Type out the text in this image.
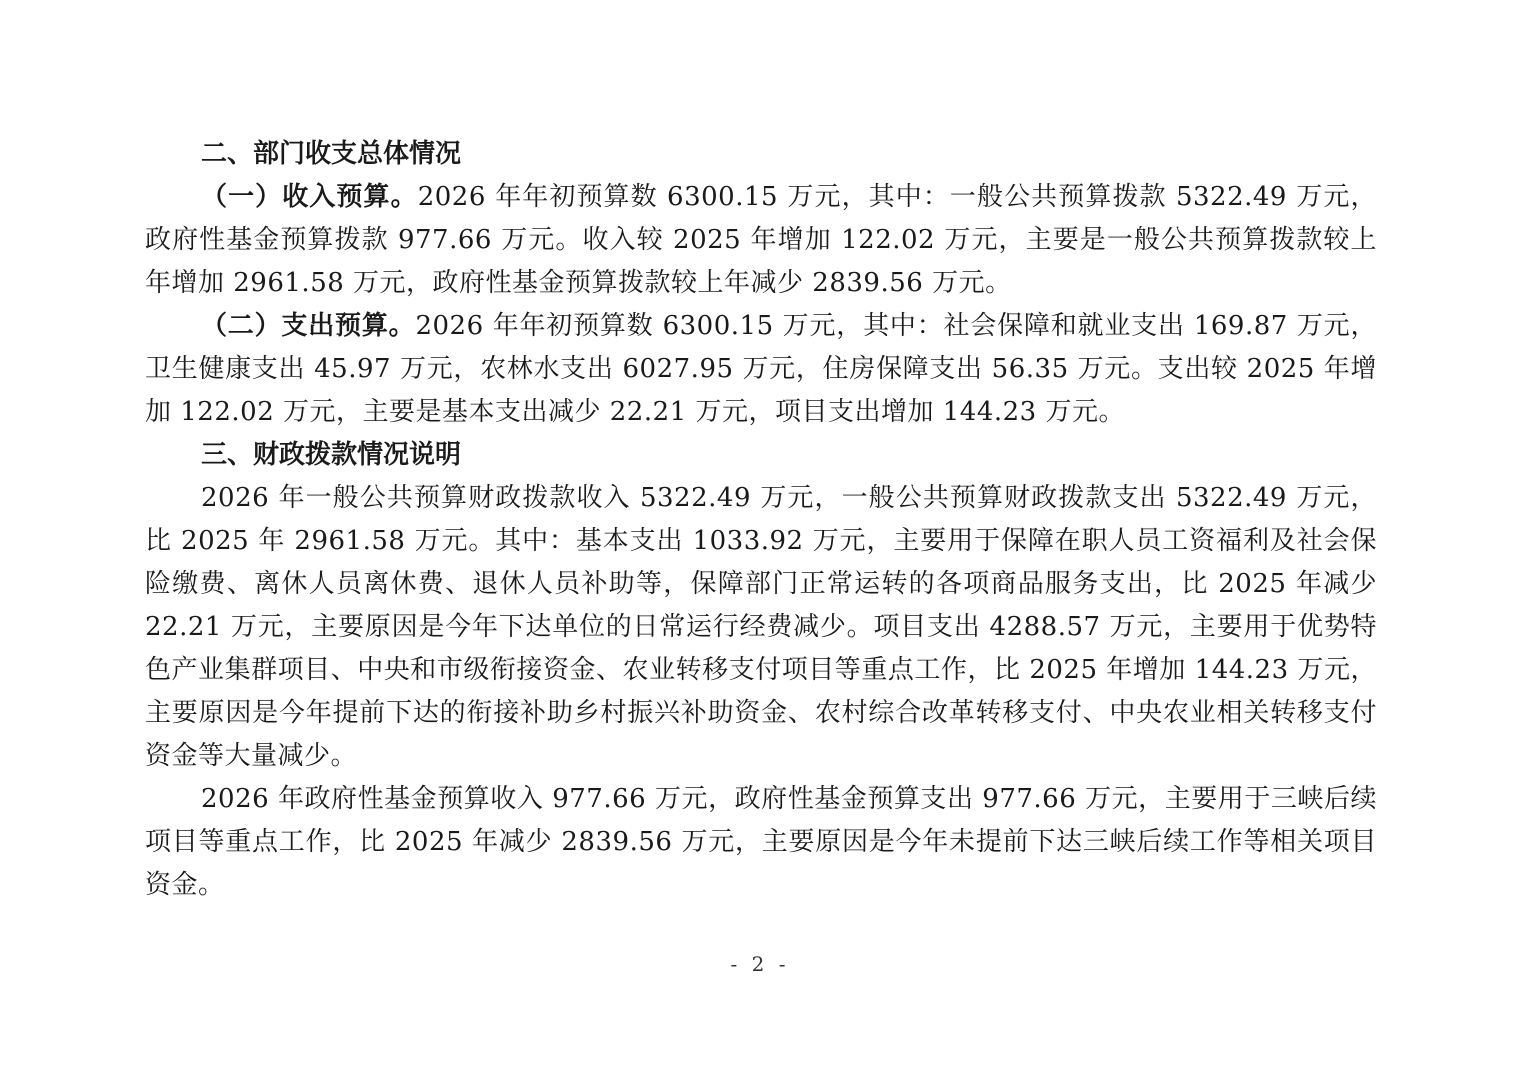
二、部门收支总体情况

（一）收入预算。2026 年年初预算数 6300.15 万元，其中：一般公共预算拨款 5322.49 万元，政府性基金预算拨款 977.66 万元。收入较 2025 年增加 122.02 万元，主要是一般公共预算拨款较上年增加 2961.58 万元，政府性基金预算拨款较上年减少 2839.56 万元。

（二）支出预算。2026 年年初预算数 6300.15 万元，其中：社会保障和就业支出 169.87 万元，卫生健康支出 45.97 万元，农林水支出 6027.95 万元，住房保障支出 56.35 万元。支出较 2025 年增加 122.02 万元，主要是基本支出减少 22.21 万元，项目支出增加 144.23 万元。

三、财政拨款情况说明

2026 年一般公共预算财政拨款收入 5322.49 万元，一般公共预算财政拨款支出 5322.49 万元，比 2025 年 2961.58 万元。其中：基本支出 1033.92 万元，主要用于保障在职人员工资福利及社会保险缴费、离休人员离休费、退休人员补助等，保障部门正常运转的各项商品服务支出，比 2025 年减少 22.21 万元，主要原因是今年下达单位的日常运行经费减少。项目支出 4288.57 万元，主要用于优势特色产业集群项目、中央和市级衔接资金、农业转移支付项目等重点工作，比 2025 年增加 144.23 万元，主要原因是今年提前下达的衔接补助乡村振兴补助资金、农村综合改革转移支付、中央农业相关转移支付资金等大量减少。

2026 年政府性基金预算收入 977.66 万元，政府性基金预算支出 977.66 万元，主要用于三峡后续项目等重点工作，比 2025 年减少 2839.56 万元，主要原因是今年未提前下达三峡后续工作等相关项目资金。

- 2 -
